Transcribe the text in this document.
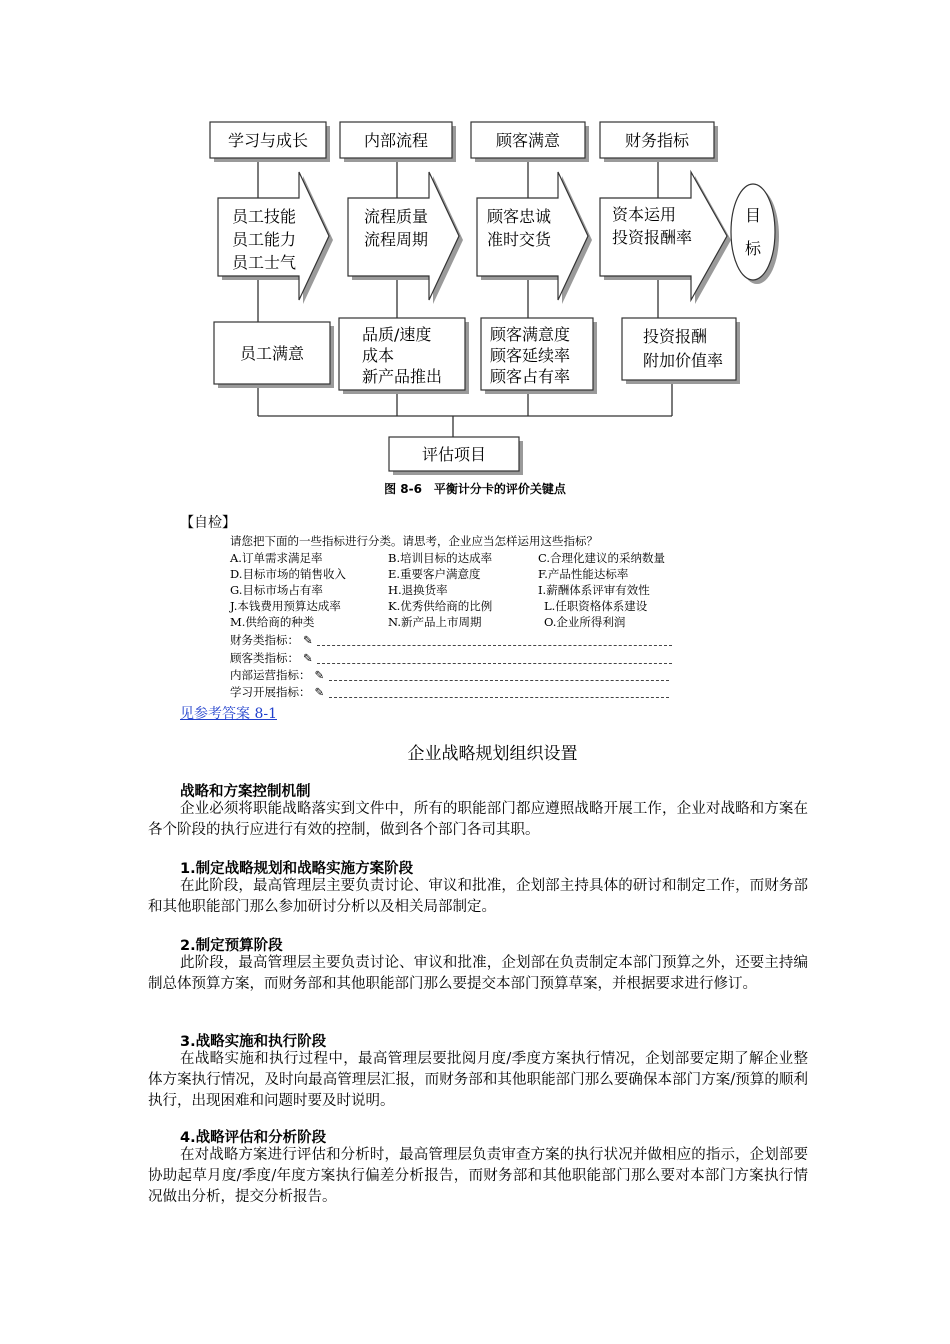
学习与成长	内部流程	顾客满意	财务指标
员工技能
员工能力
员工士气
流程质量
流程周期
顾客忠诚
准时交货
资本运用
投资报酬率
目
标
员工满意
品质/速度
成本
新产品推出
顾客满意度
顾客延续率
顾客占有率
投资报酬
附加价值率
评估项目
图 8-6　平衡计分卡的评价关键点
【自检】
请您把下面的一些指标进行分类。请思考，企业应当怎样运用这些指标？
A.订单需求满足率	B.培训目标的达成率	C.合理化建议的采纳数量
D.目标市场的销售收入	E.重要客户满意度	F.产品性能达标率
G.目标市场占有率	H.退换货率	I.薪酬体系评审有效性
J.本钱费用预算达成率	K.优秀供给商的比例	L.任职资格体系建设
M.供给商的种类	N.新产品上市周期	O.企业所得利润
财务类指标： ✎
顾客类指标： ✎
内部运营指标： ✎
学习开展指标： ✎
见参考答案 8-1
企业战略规划组织设置
战略和方案控制机制
企业必须将职能战略落实到文件中，所有的职能部门都应遵照战略开展工作，企业对战略和方案在各个阶段的执行应进行有效的控制，做到各个部门各司其职。
1.制定战略规划和战略实施方案阶段
在此阶段，最高管理层主要负责讨论、审议和批准，企划部主持具体的研讨和制定工作，而财务部和其他职能部门那么参加研讨分析以及相关局部制定。
2.制定预算阶段
此阶段，最高管理层主要负责讨论、审议和批准，企划部在负责制定本部门预算之外，还要主持编制总体预算方案，而财务部和其他职能部门那么要提交本部门预算草案，并根据要求进行修订。
3.战略实施和执行阶段
在战略实施和执行过程中，最高管理层要批阅月度/季度方案执行情况，企划部要定期了解企业整体方案执行情况，及时向最高管理层汇报，而财务部和其他职能部门那么要确保本部门方案/预算的顺利执行，出现困难和问题时要及时说明。
4.战略评估和分析阶段
在对战略方案进行评估和分析时，最高管理层负责审查方案的执行状况并做相应的指示，企划部要协助起草月度/季度/年度方案执行偏差分析报告，而财务部和其他职能部门那么要对本部门方案执行情况做出分析，提交分析报告。
